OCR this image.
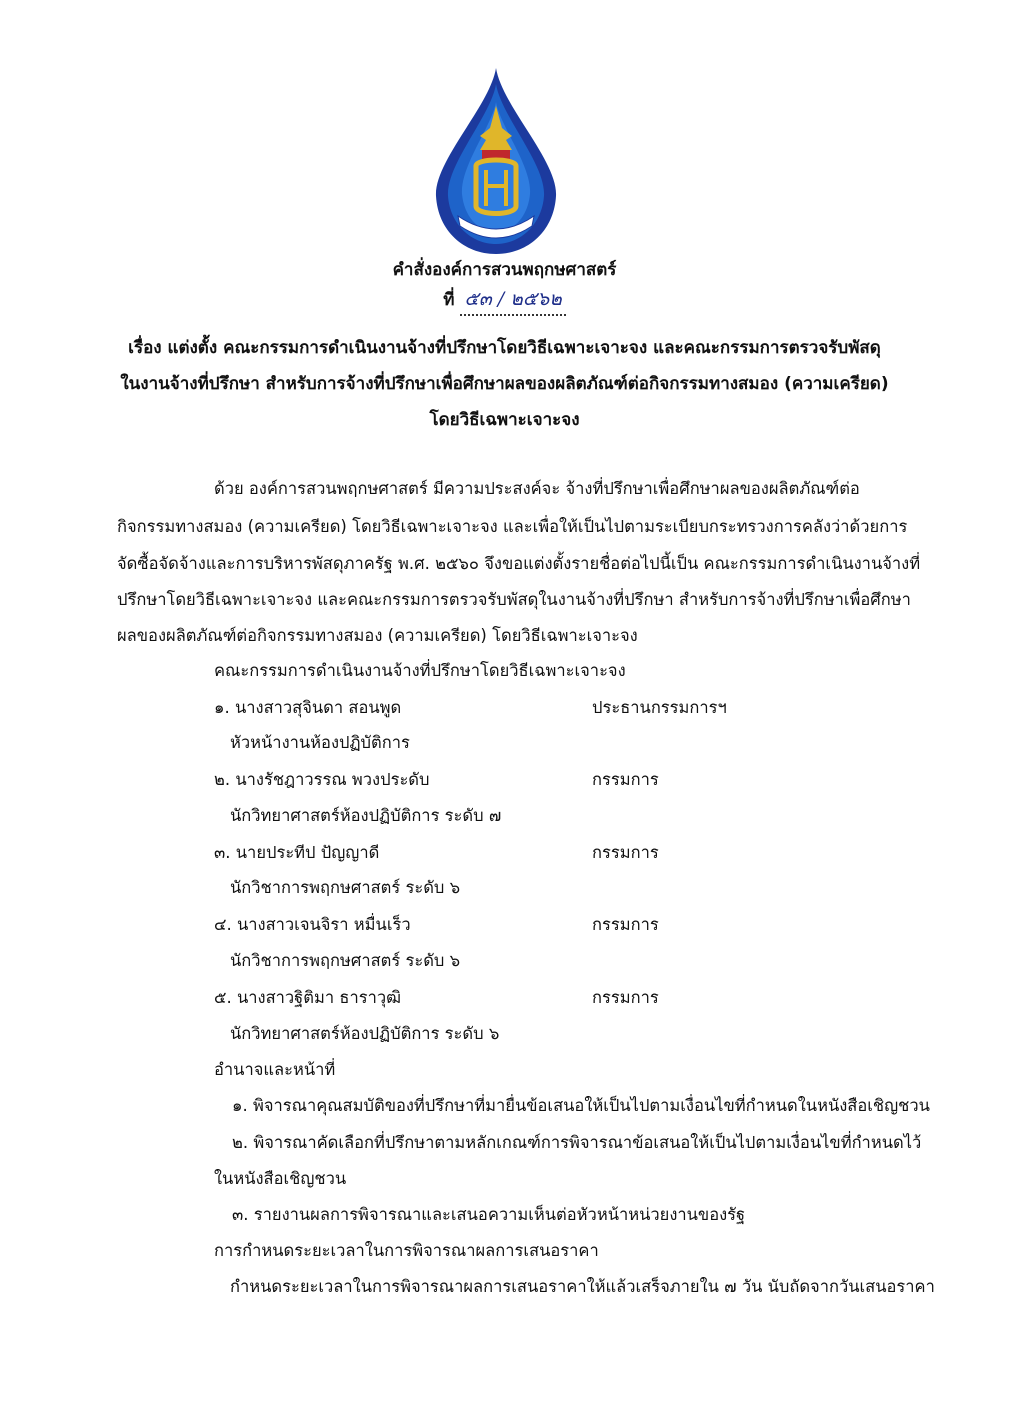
คำสั่งองค์การสวนพฤกษศาสตร์
ที่ ๕๓ / ๒๕๖๒
เรื่อง แต่งตั้ง คณะกรรมการดำเนินงานจ้างที่ปรึกษาโดยวิธีเฉพาะเจาะจง และคณะกรรมการตรวจรับพัสดุ
ในงานจ้างที่ปรึกษา สำหรับการจ้างที่ปรึกษาเพื่อศึกษาผลของผลิตภัณฑ์ต่อกิจกรรมทางสมอง (ความเครียด)
โดยวิธีเฉพาะเจาะจง
ด้วย องค์การสวนพฤกษศาสตร์ มีความประสงค์จะ จ้างที่ปรึกษาเพื่อศึกษาผลของผลิตภัณฑ์ต่อ
กิจกรรมทางสมอง (ความเครียด) โดยวิธีเฉพาะเจาะจง และเพื่อให้เป็นไปตามระเบียบกระทรวงการคลังว่าด้วยการ
จัดซื้อจัดจ้างและการบริหารพัสดุภาครัฐ พ.ศ. ๒๕๖๐ จึงขอแต่งตั้งรายชื่อต่อไปนี้เป็น คณะกรรมการดำเนินงานจ้างที่
ปรึกษาโดยวิธีเฉพาะเจาะจง และคณะกรรมการตรวจรับพัสดุในงานจ้างที่ปรึกษา สำหรับการจ้างที่ปรึกษาเพื่อศึกษา
ผลของผลิตภัณฑ์ต่อกิจกรรมทางสมอง (ความเครียด) โดยวิธีเฉพาะเจาะจง
คณะกรรมการดำเนินงานจ้างที่ปรึกษาโดยวิธีเฉพาะเจาะจง
๑. นางสาวสุจินดา สอนพูด	ประธานกรรมการฯ
หัวหน้างานห้องปฏิบัติการ
๒. นางรัชฎาวรรณ พวงประดับ	กรรมการ
นักวิทยาศาสตร์ห้องปฏิบัติการ ระดับ ๗
๓. นายประทีป ปัญญาดี	กรรมการ
นักวิชาการพฤกษศาสตร์ ระดับ ๖
๔. นางสาวเจนจิรา หมื่นเร็ว	กรรมการ
นักวิชาการพฤกษศาสตร์ ระดับ ๖
๕. นางสาวฐิติมา ธาราวุฒิ	กรรมการ
นักวิทยาศาสตร์ห้องปฏิบัติการ ระดับ ๖
อำนาจและหน้าที่
๑. พิจารณาคุณสมบัติของที่ปรึกษาที่มายื่นข้อเสนอให้เป็นไปตามเงื่อนไขที่กำหนดในหนังสือเชิญชวน
๒. พิจารณาคัดเลือกที่ปรึกษาตามหลักเกณฑ์การพิจารณาข้อเสนอให้เป็นไปตามเงื่อนไขที่กำหนดไว้
ในหนังสือเชิญชวน
๓. รายงานผลการพิจารณาและเสนอความเห็นต่อหัวหน้าหน่วยงานของรัฐ
การกำหนดระยะเวลาในการพิจารณาผลการเสนอราคา
กำหนดระยะเวลาในการพิจารณาผลการเสนอราคาให้แล้วเสร็จภายใน ๗ วัน นับถัดจากวันเสนอราคา
